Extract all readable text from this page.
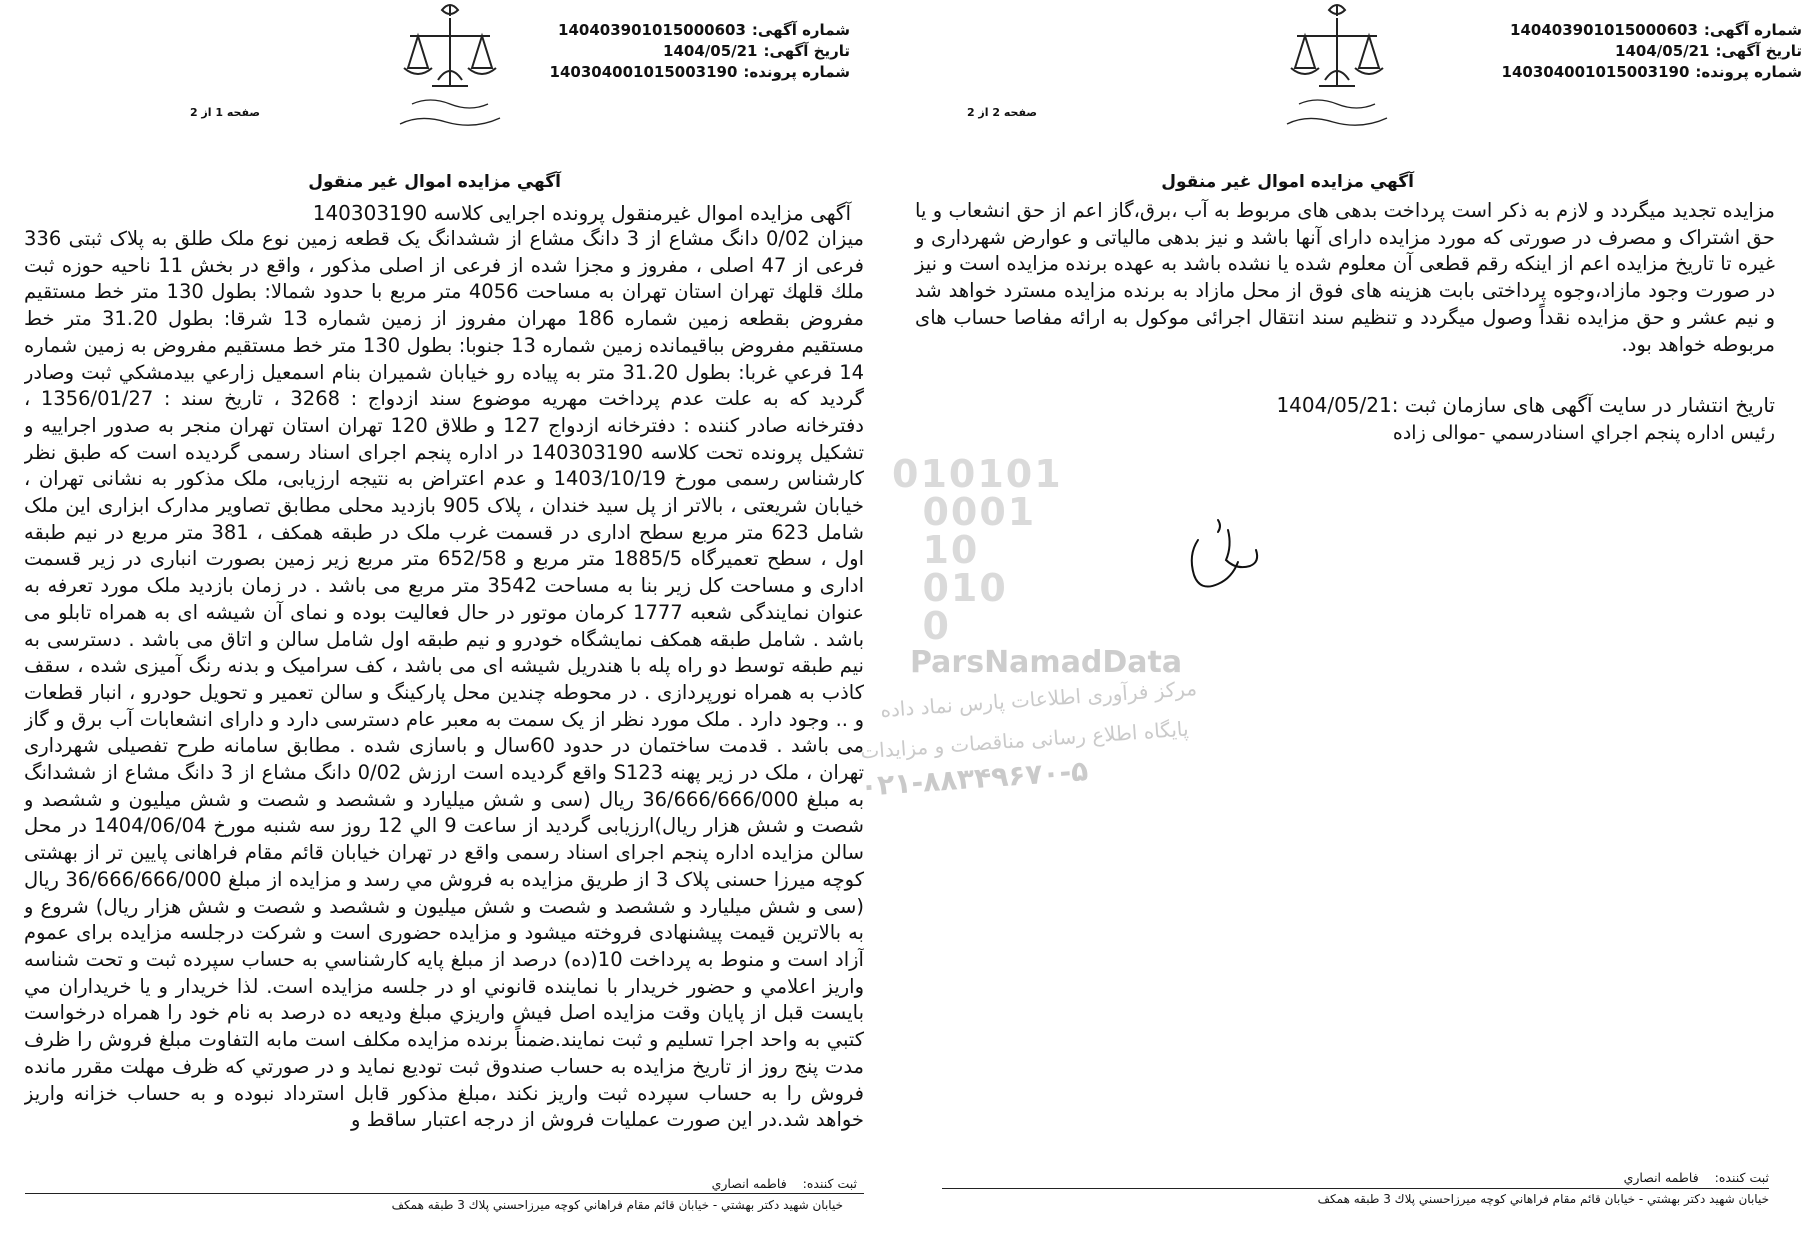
شماره آگهی:140403901015000603
تاریخ آگهی:1404/05/21
شماره پرونده:140304001015003190
صفحه 2 از 2
آگهي مزايده اموال غير منقول
مزايده تجديد ميگردد و لازم به ذكر است پرداخت بدهی های مربوط به آب ،برق،گاز اعم از حق انشعاب و يا حق اشتراک و مصرف در صورتی كه مورد مزايده دارای آنها باشد و نيز بدهی مالياتی و عوارض شهرداری و غيره تا تاريخ مزايده اعم از اينكه رقم قطعی آن معلوم شده يا نشده باشد به عهده برنده مزايده است و نيز در صورت وجود مازاد،وجوه پرداختی بابت هزينه های فوق از محل مازاد به برنده مزايده مسترد خواهد شد و نيم عشر و حق مزايده نقداً وصول ميگردد و تنظيم سند انتقال اجرائی موكول به ارائه مفاصا حساب های مربوطه خواهد بود.
تاريخ انتشار در سايت آگهی های سازمان ثبت :1404/05/21
رئيس اداره پنجم اجراي اسنادرسمي -موالی زاده
ثبت کننده:فاطمه انصاري
خيابان شهيد دكتر بهشتي - خيابان قائم مقام فراهاني كوچه ميرزاحسني پلاك 3 طبقه همكف
شماره آگهی:140403901015000603
تاریخ آگهی:1404/05/21
شماره پرونده:140304001015003190
صفحه 1 از 2
آگهي مزايده اموال غير منقول
آگهی مزایده اموال غیرمنقول پرونده اجرایی کلاسه 140303190
ميزان 0/02 دانگ مشاع از 3 دانگ مشاع از ششدانگ يک قطعه زمين نوع ملک طلق به پلاک ثبتی 336 فرعی از 47 اصلی ، مفروز و مجزا شده از فرعی از اصلی مذکور ، واقع در بخش 11 ناحيه حوزه ثبت ملك قلهك تهران استان تهران به مساحت 4056 متر مربع با حدود شمالا: بطول 130 متر خط مستقيم مفروض بقطعه زمين شماره 186 مهران مفروز از زمين شماره 13 شرقا: بطول 31.20 متر خط مستقيم مفروض بباقيمانده زمين شماره 13 جنوبا: بطول 130 متر خط مستقيم مفروض به زمين شماره 14 فرعي غربا: بطول 31.20 متر به پياده رو خيابان شميران بنام اسمعيل زارعي بيدمشكي ثبت وصادر گرديد كه به علت عدم پرداخت مهريه موضوع سند ازدواج : 3268 ، تاريخ سند : 1356/01/27 ، دفترخانه صادر كننده : دفترخانه ازدواج 127 و طلاق 120 تهران استان تهران منجر به صدور اجراييه و تشكيل پرونده تحت كلاسه 140303190 در اداره پنجم اجرای اسناد رسمی گرديده است كه طبق نظر كارشناس رسمی مورخ 1403/10/19 و عدم اعتراض به نتيجه ارزيابی، ملک مذكور به نشانی تهران ، خيابان شريعتی ، بالاتر از پل سيد خندان ، پلاک 905 بازديد محلی مطابق تصاوير مدارک ابزاری اين ملک شامل 623 متر مربع سطح اداری در قسمت غرب ملک در طبقه همكف ، 381 متر مربع در نيم طبقه اول ، سطح تعميرگاه 1885/5 متر مربع و 652/58 متر مربع زير زمين بصورت انباری در زير قسمت اداری و مساحت كل زير بنا به مساحت 3542 متر مربع می باشد . در زمان بازديد ملک مورد تعرفه به عنوان نمايندگی شعبه 1777 كرمان موتور در حال فعاليت بوده و نمای آن شيشه ای به همراه تابلو می باشد . شامل طبقه همكف نمايشگاه خودرو و نيم طبقه اول شامل سالن و اتاق می باشد . دسترسی به نيم طبقه توسط دو راه پله با هندريل شيشه ای می باشد ، كف سراميک و بدنه رنگ آميزی شده ، سقف كاذب به همراه نورپردازی . در محوطه چندين محل پاركينگ و سالن تعمير و تحويل حودرو ، انبار قطعات و .. وجود دارد . ملک مورد نظر از يک سمت به معبر عام دسترسی دارد و دارای انشعابات آب برق و گاز می باشد . قدمت ساختمان در حدود 60سال و باسازی شده . مطابق سامانه طرح تفصيلی شهرداری تهران ، ملک در زير پهنه S123 واقع گرديده است ارزش 0/02 دانگ مشاع از 3 دانگ مشاع از ششدانگ به مبلغ 36/666/666/000 ريال (سی و شش ميليارد و ششصد و شصت و شش ميليون و ششصد و شصت و شش هزار ريال)ارزيابی گرديد از ساعت 9 الي 12 روز سه شنبه مورخ 1404/06/04 در محل سالن مزايده اداره پنجم اجرای اسناد رسمی واقع در تهران خيابان قائم مقام فراهانی پايين تر از بهشتی كوچه ميرزا حسنی پلاک 3 از طريق مزايده به فروش مي رسد و مزايده از مبلغ 36/666/666/000 ريال (سی و شش ميليارد و ششصد و شصت و شش ميليون و ششصد و شصت و شش هزار ريال) شروع و به بالاترين قيمت پيشنهادی فروخته ميشود و مزايده حضوری است و شركت درجلسه مزايده برای عموم آزاد است و منوط به پرداخت 10(ده) درصد از مبلغ پايه كارشناسي به حساب سپرده ثبت و تحت شناسه واريز اعلامي و حضور خريدار با نماينده قانوني او در جلسه مزايده است. لذا خريدار و يا خريداران مي بايست قبل از پايان وقت مزايده اصل فيش واريزي مبلغ وديعه ده درصد به نام خود را همراه درخواست كتبي به واحد اجرا تسليم و ثبت نمايند.ضمناً برنده مزايده مكلف است مابه التفاوت مبلغ فروش را ظرف مدت پنج روز از تاريخ مزايده به حساب صندوق ثبت توديع نمايد و در صورتي كه ظرف مهلت مقرر مانده فروش را به حساب سپرده ثبت واريز نكند ،مبلغ مذكور قابل استرداد نبوده و به حساب خزانه واريز خواهد شد.در اين صورت عمليات فروش از درجه اعتبار ساقط و
ثبت کننده:فاطمه انصاري
خيابان شهيد دكتر بهشتي - خيابان قائم مقام فراهاني كوچه ميرزاحسني پلاك 3 طبقه همكف
010101
0001
10
010
0
ParsNamadData
مركز فرآوری اطلاعات پارس نماد داده
پايگاه اطلاع رسانی مناقصات و مزايدات
۰۲۱-۸۸۳۴۹۶۷۰-۵
